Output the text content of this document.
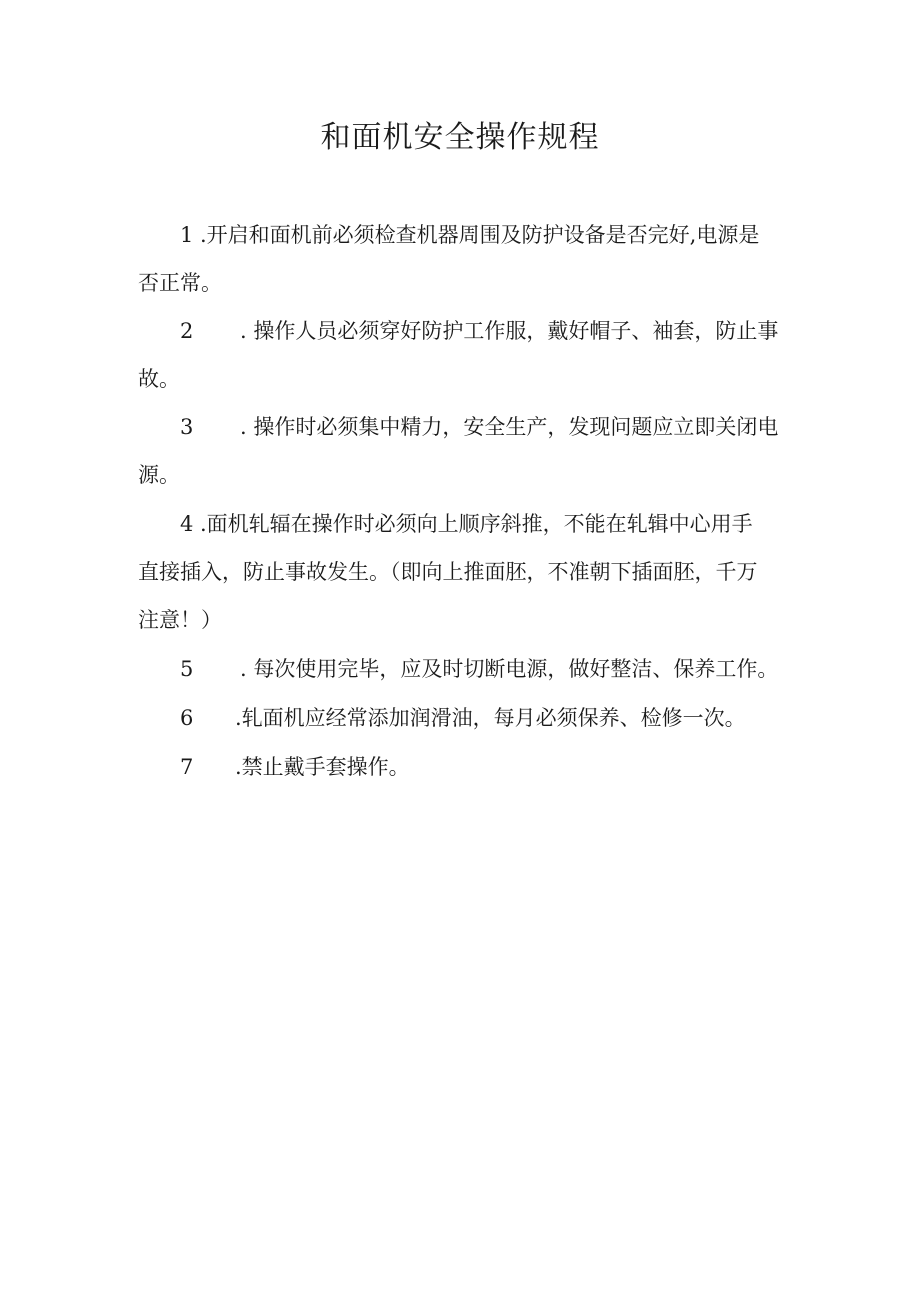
和面机安全操作规程
1 .开启和面机前必须检查机器周围及防护设备是否完好,电源是
否正常。
2 . 操作人员必须穿好防护工作服，戴好帽子、袖套，防止事
故。
3 . 操作时必须集中精力，安全生产，发现问题应立即关闭电
源。
4 .面机轧辐在操作时必须向上顺序斜推，不能在轧辑中心用手
直接插入，防止事故发生。（即向上推面胚，不准朝下插面胚，千万
注意！）
5 . 每次使用完毕，应及时切断电源，做好整洁、保养工作。
6 .轧面机应经常添加润滑油，每月必须保养、检修一次。
7 .禁止戴手套操作。
